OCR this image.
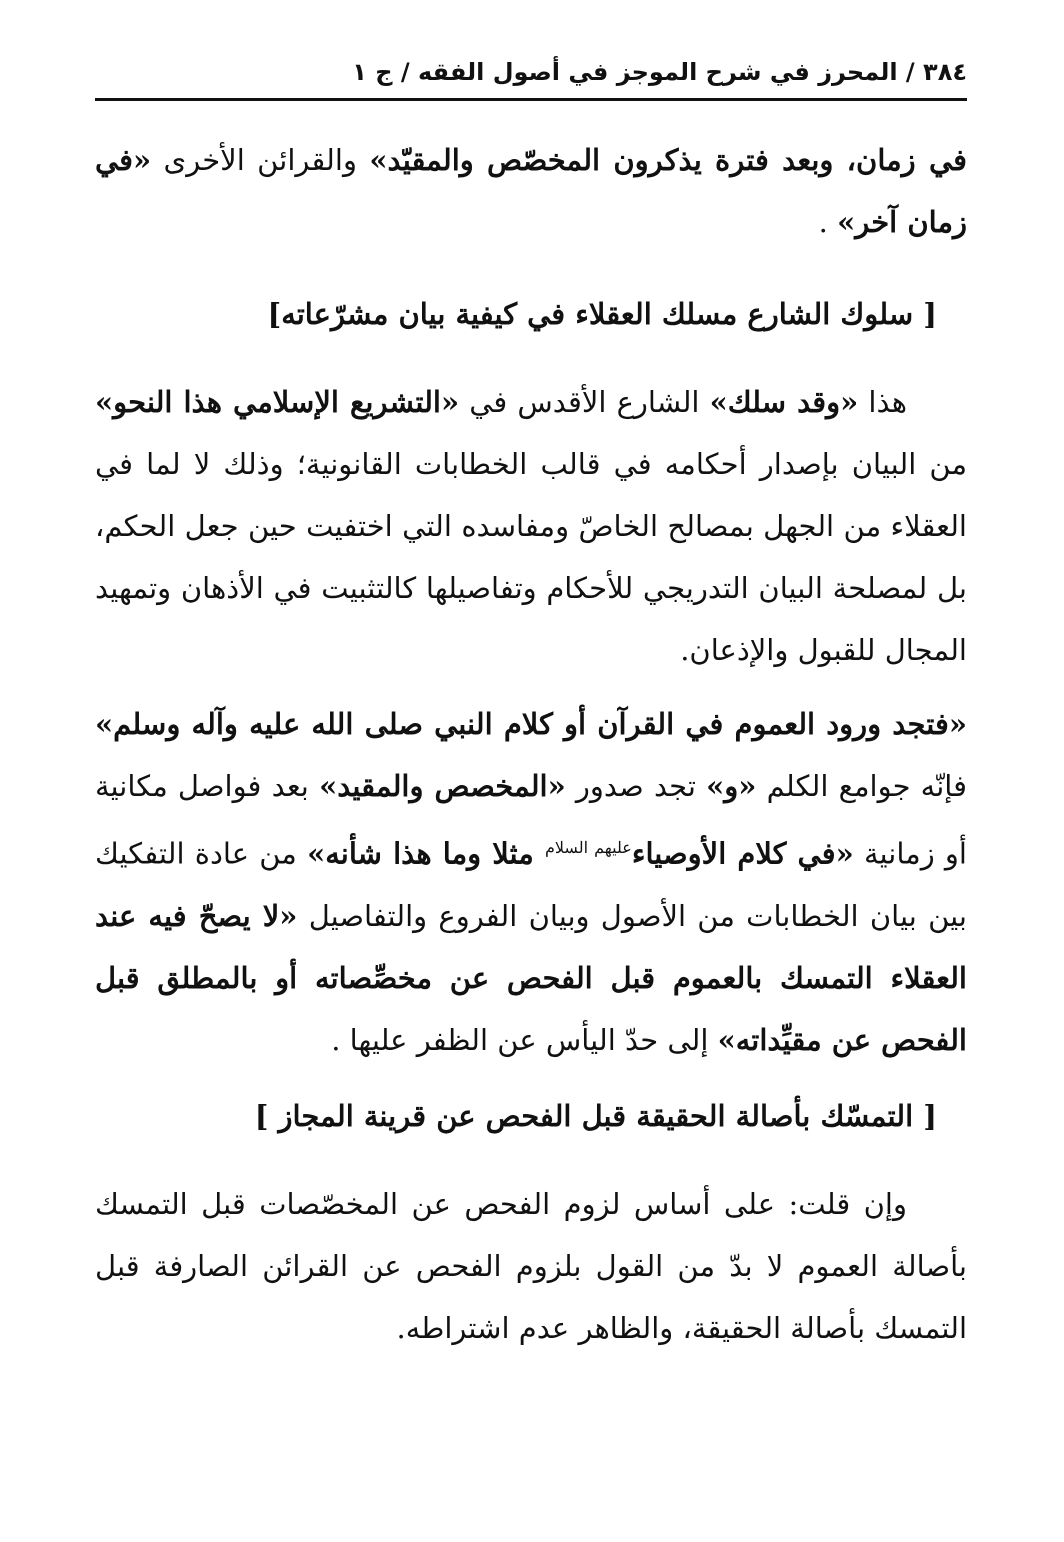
٣٨٤ / المحرز في شرح الموجز في أصول الفقه / ج ١

في زمان، وبعد فترة يذكرون المخصّص والمقيّد» والقرائن الأخرى «في زمان آخر» .

[ سلوك الشارع مسلك العقلاء في كيفية بيان مشرّعاته]

هذا «وقد سلك» الشارع الأقدس في «التشريع الإسلامي هذا النحو» من البيان بإصدار أحكامه في قالب الخطابات القانونية؛ وذلك لا لما في العقلاء من الجهل بمصالح الخاصّ ومفاسده التي اختفيت حين جعل الحكم، بل لمصلحة البيان التدريجي للأحكام وتفاصيلها كالتثبيت في الأذهان وتمهيد المجال للقبول والإذعان.

«فتجد ورود العموم في القرآن أو كلام النبي صلى الله عليه وآله وسلم» فإنّه جوامع الكلم «و» تجد صدور «المخصص والمقيد» بعد فواصل مكانية أو زمانية «في كلام الأوصياء$^{عليهم السلام}$ مثلا وما هذا شأنه» من عادة التفكيك بين بيان الخطابات من الأصول وبيان الفروع والتفاصيل «لا يصحّ فيه عند العقلاء التمسك بالعموم قبل الفحص عن مخصِّصاته أو بالمطلق قبل الفحص عن مقيِّداته» إلى حدّ اليأس عن الظفر عليها .

[ التمسّك بأصالة الحقيقة قبل الفحص عن قرينة المجاز ]

وإن قلت: على أساس لزوم الفحص عن المخصّصات قبل التمسك بأصالة العموم لا بدّ من القول بلزوم الفحص عن القرائن الصارفة قبل التمسك بأصالة الحقيقة، والظاهر عدم اشتراطه.
